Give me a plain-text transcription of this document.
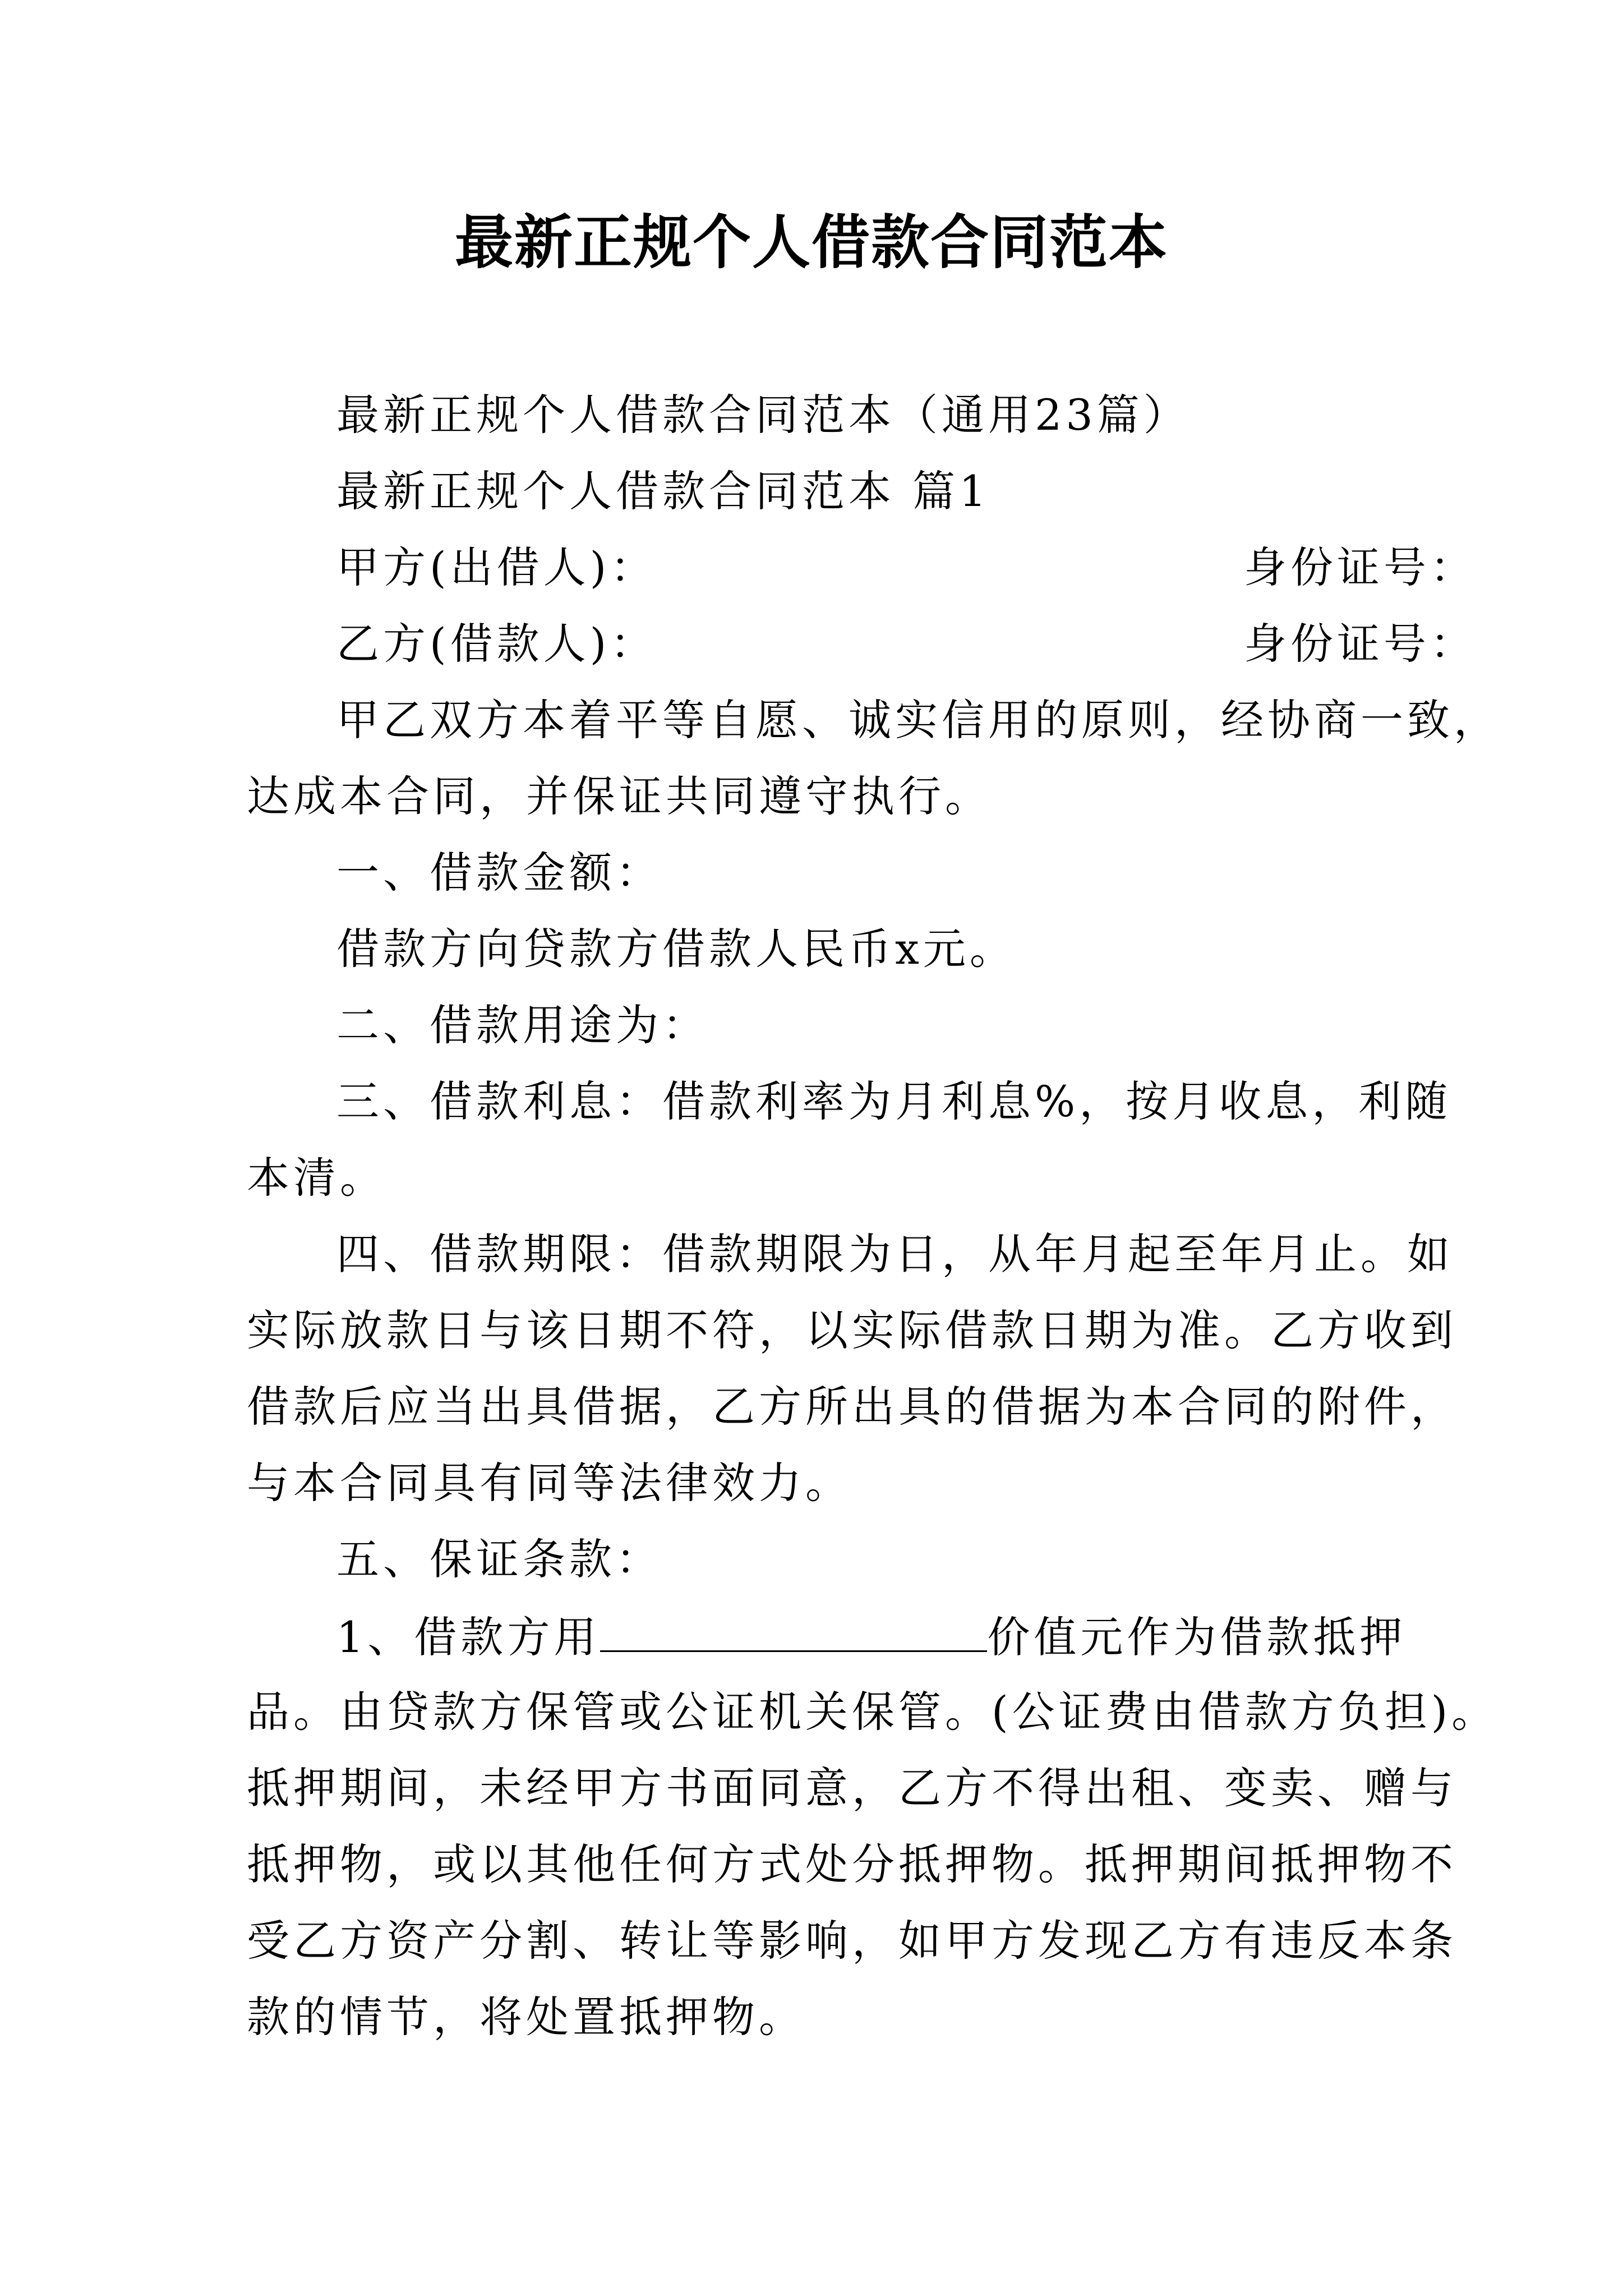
最新正规个人借款合同范本

最新正规个人借款合同范本（通用23篇）

最新正规个人借款合同范本 篇1

甲方(出借人)：	身份证号：
乙方(借款人)：	身份证号：

甲乙双方本着平等自愿、诚实信用的原则，经协商一致，

达成本合同，并保证共同遵守执行。

一、借款金额：

借款方向贷款方借款人民币x元。

二、借款用途为：

三、借款利息：借款利率为月利息%，按月收息，利随

本清。

四、借款期限：借款期限为日，从年月起至年月止。如

实际放款日与该日期不符，以实际借款日期为准。乙方收到

借款后应当出具借据，乙方所出具的借据为本合同的附件，

与本合同具有同等法律效力。

五、保证条款：

1、借款方用	价值元作为借款抵押

品。由贷款方保管或公证机关保管。(公证费由借款方负担)。

抵押期间，未经甲方书面同意，乙方不得出租、变卖、赠与

抵押物，或以其他任何方式处分抵押物。抵押期间抵押物不

受乙方资产分割、转让等影响，如甲方发现乙方有违反本条

款的情节，将处置抵押物。
